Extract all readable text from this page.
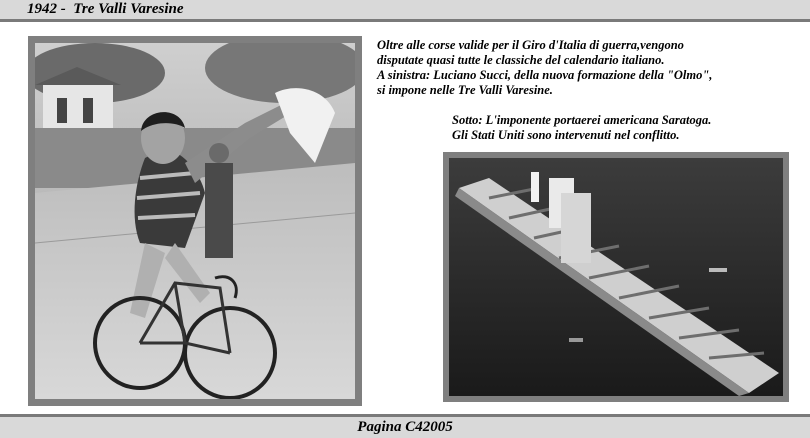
1942 -  Tre Valli Varesine
Oltre alle corse valide per il Giro d'Italia di guerra,vengono
disputate quasi tutte le classiche del calendario italiano.
A sinistra: Luciano Succi, della nuova formazione della "Olmo",
si impone nelle Tre Valli Varesine.
Sotto: L'imponente portaerei americana Saratoga.
Gli Stati Uniti sono intervenuti nel conflitto.
Pagina C42005
